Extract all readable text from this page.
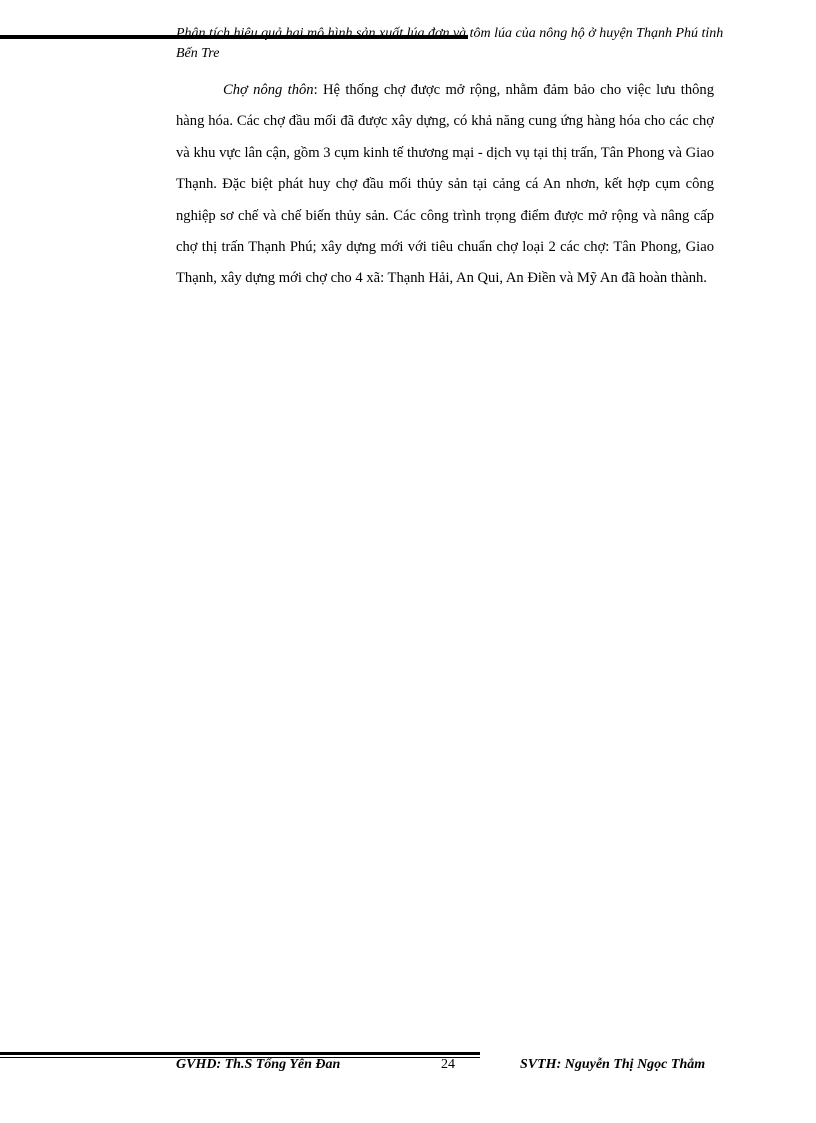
Phân tích hiệu quả hai mô hình sản xuất lúa đơn và tôm lúa của nông hộ ở huyện Thạnh Phú tỉnh Bến Tre
Chợ nông thôn: Hệ thống chợ được mở rộng, nhằm đảm bảo cho việc lưu thông hàng hóa. Các chợ đầu mối đã được xây dựng, có khả năng cung ứng hàng hóa cho các chợ và khu vực lân cận, gồm 3 cụm kinh tế thương mại - dịch vụ tại thị trấn, Tân Phong và Giao Thạnh. Đặc biệt phát huy chợ đầu mối thủy sản tại cảng cá An nhơn, kết hợp cụm công nghiệp sơ chế và chế biến thủy sản. Các công trình trọng điểm được mở rộng và nâng cấp chợ thị trấn Thạnh Phú; xây dựng mới với tiêu chuẩn chợ loại 2 các chợ: Tân Phong, Giao Thạnh, xây dựng mới chợ cho 4 xã: Thạnh Hải, An Qui, An Điền và Mỹ An đã hoàn thành.
GVHD: Th.S Tống Yên Đan	24	SVTH: Nguyễn Thị Ngọc Thắm
